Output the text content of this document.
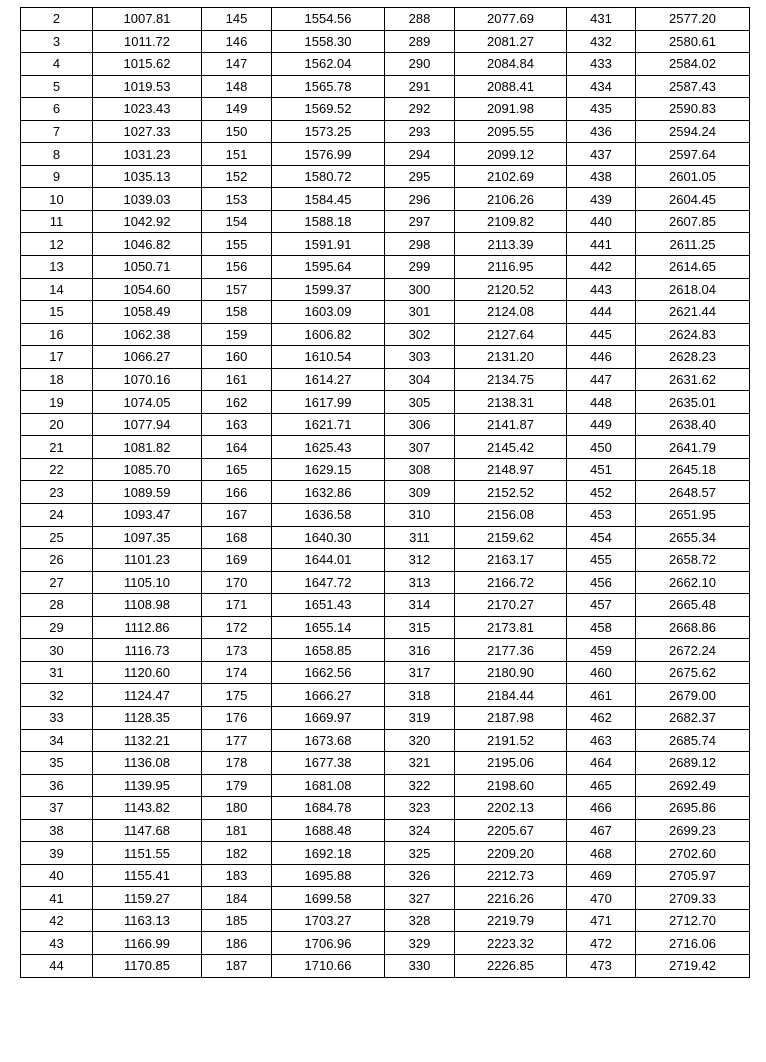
2	1007.81	145	1554.56	288	2077.69	431	2577.20
3	1011.72	146	1558.30	289	2081.27	432	2580.61
4	1015.62	147	1562.04	290	2084.84	433	2584.02
5	1019.53	148	1565.78	291	2088.41	434	2587.43
6	1023.43	149	1569.52	292	2091.98	435	2590.83
7	1027.33	150	1573.25	293	2095.55	436	2594.24
8	1031.23	151	1576.99	294	2099.12	437	2597.64
9	1035.13	152	1580.72	295	2102.69	438	2601.05
10	1039.03	153	1584.45	296	2106.26	439	2604.45
11	1042.92	154	1588.18	297	2109.82	440	2607.85
12	1046.82	155	1591.91	298	2113.39	441	2611.25
13	1050.71	156	1595.64	299	2116.95	442	2614.65
14	1054.60	157	1599.37	300	2120.52	443	2618.04
15	1058.49	158	1603.09	301	2124.08	444	2621.44
16	1062.38	159	1606.82	302	2127.64	445	2624.83
17	1066.27	160	1610.54	303	2131.20	446	2628.23
18	1070.16	161	1614.27	304	2134.75	447	2631.62
19	1074.05	162	1617.99	305	2138.31	448	2635.01
20	1077.94	163	1621.71	306	2141.87	449	2638.40
21	1081.82	164	1625.43	307	2145.42	450	2641.79
22	1085.70	165	1629.15	308	2148.97	451	2645.18
23	1089.59	166	1632.86	309	2152.52	452	2648.57
24	1093.47	167	1636.58	310	2156.08	453	2651.95
25	1097.35	168	1640.30	311	2159.62	454	2655.34
26	1101.23	169	1644.01	312	2163.17	455	2658.72
27	1105.10	170	1647.72	313	2166.72	456	2662.10
28	1108.98	171	1651.43	314	2170.27	457	2665.48
29	1112.86	172	1655.14	315	2173.81	458	2668.86
30	1116.73	173	1658.85	316	2177.36	459	2672.24
31	1120.60	174	1662.56	317	2180.90	460	2675.62
32	1124.47	175	1666.27	318	2184.44	461	2679.00
33	1128.35	176	1669.97	319	2187.98	462	2682.37
34	1132.21	177	1673.68	320	2191.52	463	2685.74
35	1136.08	178	1677.38	321	2195.06	464	2689.12
36	1139.95	179	1681.08	322	2198.60	465	2692.49
37	1143.82	180	1684.78	323	2202.13	466	2695.86
38	1147.68	181	1688.48	324	2205.67	467	2699.23
39	1151.55	182	1692.18	325	2209.20	468	2702.60
40	1155.41	183	1695.88	326	2212.73	469	2705.97
41	1159.27	184	1699.58	327	2216.26	470	2709.33
42	1163.13	185	1703.27	328	2219.79	471	2712.70
43	1166.99	186	1706.96	329	2223.32	472	2716.06
44	1170.85	187	1710.66	330	2226.85	473	2719.42
